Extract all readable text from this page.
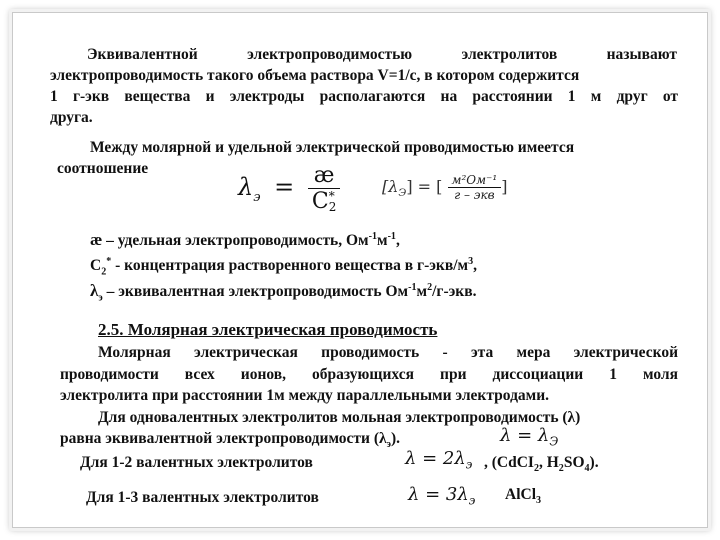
Эквивалентной	электропроводимостью	электролитов	называют
электропроводимость такого объема раствора V=1/с, в котором содержится
1 г-экв вещества и электроды располагаются на расстоянии 1 м друг от
друга.
Между молярной и удельной электрической проводимостью имеется
соотношение
$\lambda_э$ = æ
C *
2	$[\lambda_Э]$ = [ $\frac{\text{м²Ом⁻¹}}{\text{г – экв}}$ ]
æ – удельная электропроводимость, $Ом^{-1}м^{-1}$,
$C_2^*$ - концентрация растворенного вещества в $г-экв/м^3$,
$\lambda_э$ – эквивалентная электропроводимость $Ом^{-1}м^2/г$-экв.
2.5. Молярная электрическая проводимость
Молярная электрическая проводимость - эта мера электрической
проводимости всех ионов, образующихся при диссоциации 1 моля
электролита при расстоянии 1м между параллельными электродами.
Для одновалентных электролитов мольная электропроводимость (λ)
равна эквивалентной электропроводимости $(\lambda_э)$.	$\lambda = \lambda_Э$
Для 1-2 валентных электролитов	$\lambda = 2\lambda_э$ , (CdCI$_2$, $H_2SO_4$).
Для 1-3 валентных электролитов	$\lambda = 3\lambda_э$ AlCl$_3$
